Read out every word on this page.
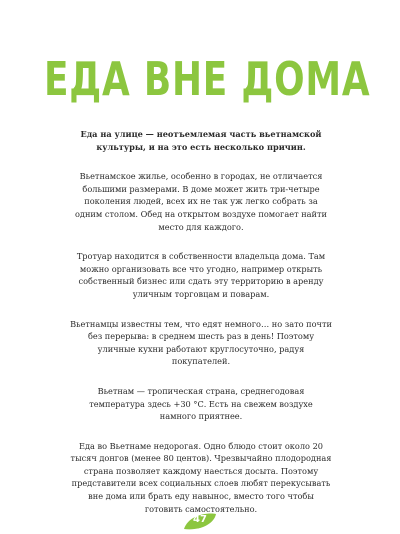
ЕДА ВНЕ ДОМА

Еда на улице — неотъемлемая часть вьетнамской культуры, и на это есть несколько причин.

Вьетнамское жилье, особенно в городах, не отличается большими размерами. В доме может жить три-четыре поколения людей, всех их не так уж легко собрать за одним столом. Обед на открытом воздухе помогает найти место для каждого.

Тротуар находится в собственности владельца дома. Там можно организовать все что угодно, например открыть собственный бизнес или сдать эту территорию в аренду уличным торговцам и поварам.

Вьетнамцы известны тем, что едят немного… но зато почти без перерыва: в среднем шесть раз в день! Поэтому уличные кухни работают круглосуточно, радуя покупателей.

Вьетнам — тропическая страна, среднегодовая температура здесь +30 °С. Есть на свежем воздухе намного приятнее.

Еда во Вьетнаме недорогая. Одно блюдо стоит около 20 тысяч донгов (менее 80 центов). Чрезвычайно плодородная страна позволяет каждому наесться досыта. Поэтому представители всех социальных слоев любят перекусывать вне дома или брать еду навынос, вместо того чтобы готовить самостоятельно.

47
